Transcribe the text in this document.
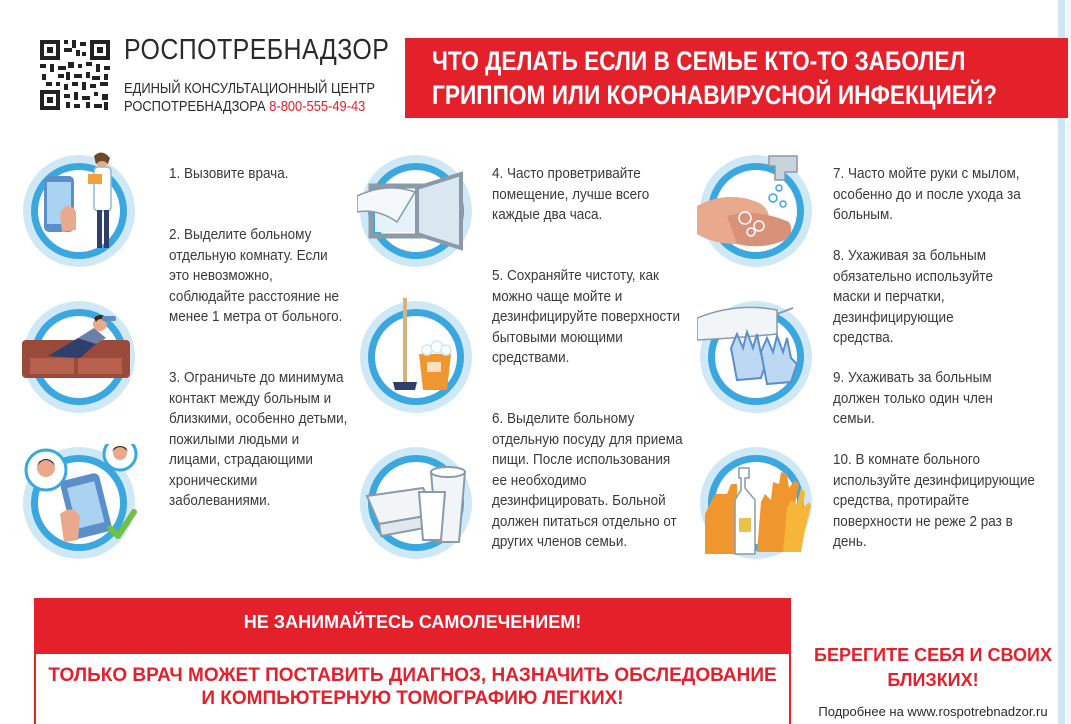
РОСПОТРЕБНАДЗОР
ЕДИНЫЙ КОНСУЛЬТАЦИОННЫЙ ЦЕНТР
РОСПОТРЕБНАДЗОРА 8-800-555-49-43
ЧТО ДЕЛАТЬ ЕСЛИ В СЕМЬЕ КТО-ТО ЗАБОЛЕЛ
ГРИППОМ ИЛИ КОРОНАВИРУСНОЙ ИНФЕКЦИЕЙ?
1. Вызовите врача.
2. Выделите больному отдельную комнату. Если это невозможно, соблюдайте расстояние не менее 1 метра от больного.
3. Ограничьте до минимума контакт между больным и близкими, особенно детьми, пожилыми людьми и лицами, страдающими хроническими заболеваниями.
4. Часто проветривайте помещение, лучше всего каждые два часа.
5. Сохраняйте чистоту, как можно чаще мойте и дезинфицируйте поверхности бытовыми моющими средствами.
6. Выделите больному отдельную посуду для приема пищи. После использования ее необходимо дезинфицировать. Больной должен питаться отдельно от других членов семьи.
7. Часто мойте руки с мылом, особенно до и после ухода за больным.
8. Ухаживая за больным обязательно используйте маски и перчатки, дезинфицирующие средства.
9. Ухаживать за больным должен только один член семьи.
10. В комнате больного используйте дезинфицирующие средства, протирайте поверхности не реже 2 раз в день.
НЕ ЗАНИМАЙТЕСЬ САМОЛЕЧЕНИЕМ!
ТОЛЬКО ВРАЧ МОЖЕТ ПОСТАВИТЬ ДИАГНОЗ, НАЗНАЧИТЬ ОБСЛЕДОВАНИЕ
И КОМПЬЮТЕРНУЮ ТОМОГРАФИЮ ЛЕГКИХ!
БЕРЕГИТЕ СЕБЯ И СВОИХ
БЛИЗКИХ!
Подробнее на www.rospotrebnadzor.ru
